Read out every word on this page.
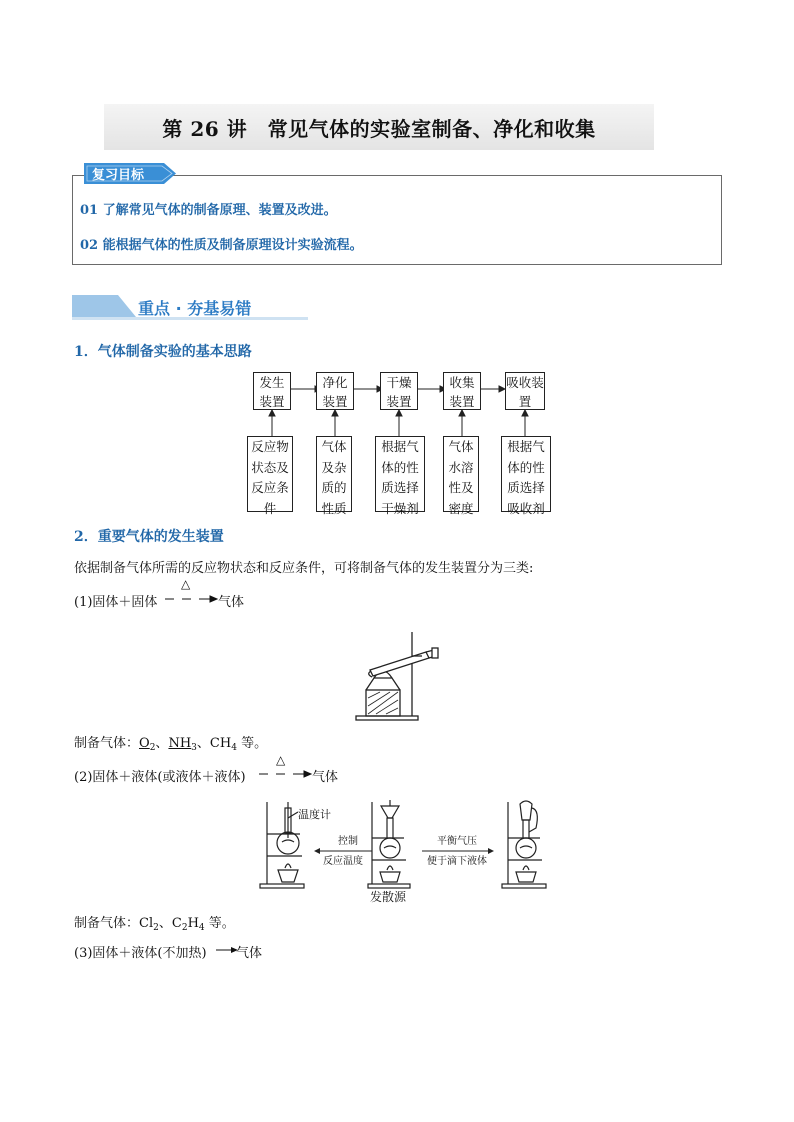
第 26 讲　常见气体的实验室制备、净化和收集
复习目标
01 了解常见气体的制备原理、装置及改进。
02 能根据气体的性质及制备原理设计实验流程。
重点 · 夯基易错
1．气体制备实验的基本思路
发生装置
净化装置
干燥装置
收集装置
吸收装置
反应物状态及反应条件
气体及杂质的性质
根据气体的性质选择干燥剂
气体水溶性及密度
根据气体的性质选择吸收剂
2．重要气体的发生装置
依据制备气体所需的反应物状态和反应条件，可将制备气体的发生装置分为三类:
(1)固体＋固体
△
气体
制备气体：$O_2$、$NH_3$、$CH_4$ 等。
(2)固体＋液体(或液体＋液体)
△
气体
温度计
控制
反应温度
发散源
平衡气压
便于滴下液体
制备气体：$Cl_2$、$C_2H_4$ 等。
(3)固体＋液体(不加热) 气体
